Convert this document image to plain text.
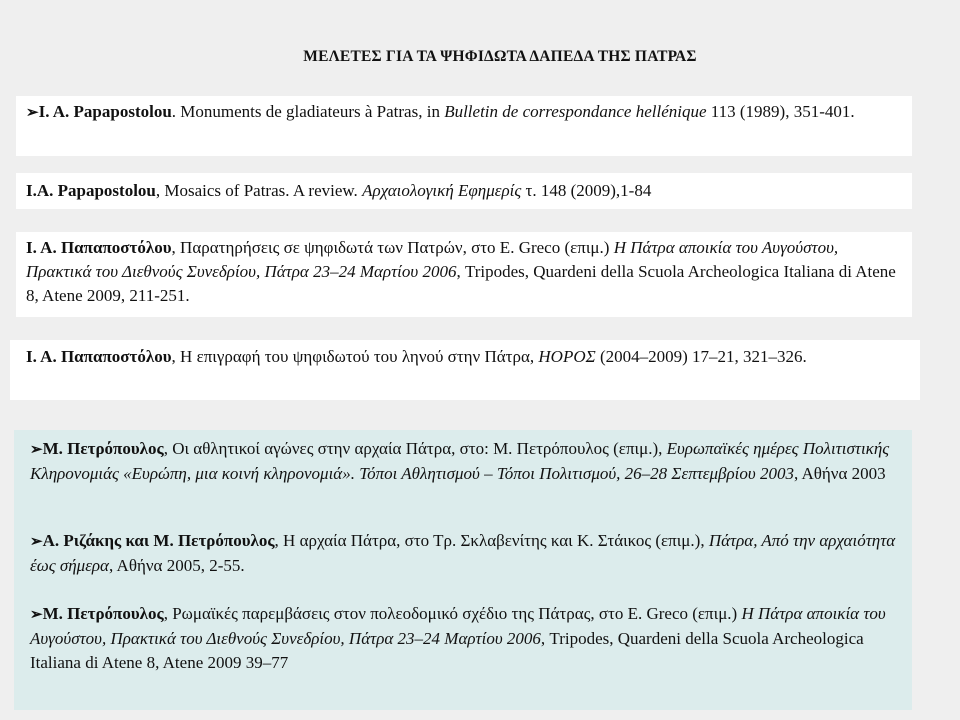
ΜΕΛΕΤΕΣ ΓΙΑ ΤΑ ΨΗΦΙΔΩΤΑ ΔΑΠΕΔΑ ΤΗΣ ΠΑΤΡΑΣ

➢I. A. Papapostolou. Monuments de gladiateurs à Patras, in Bulletin de correspondance hellénique 113 (1989), 351-401.

I.A. Papapostolou, Mosaics of Patras. A review. Αρχαιολογική Εφημερίς τ. 148 (2009),1-84

I. A. Παπαποστόλου, Παρατηρήσεις σε ψηφιδωτά των Πατρών, στο E. Greco (επιμ.) Η Πάτρα αποικία του Αυγούστου, Πρακτικά του Διεθνούς Συνεδρίου, Πάτρα 23–24 Μαρτίου 2006, Tripodes, Quardeni della Scuola Archeologica Italiana di Atene 8, Atene 2009, 211-251.

I. A. Παπαποστόλου, Η επιγραφή του ψηφιδωτού του ληνού στην Πάτρα, ΗΟΡΟΣ (2004–2009) 17–21, 321–326.

➢Μ. Πετρόπουλος, Οι αθλητικοί αγώνες στην αρχαία Πάτρα, στο: Μ. Πετρόπουλος (επιμ.), Ευρωπαϊκές ημέρες Πολιτιστικής Κληρονομιάς «Ευρώπη, μια κοινή κληρονομιά». Τόποι Αθλητισμού – Τόποι Πολιτισμού, 26–28 Σεπτεμβρίου 2003, Αθήνα 2003

➢Α. Ριζάκης και Μ. Πετρόπουλος, Η αρχαία Πάτρα, στο Τρ. Σκλαβενίτης και Κ. Στάικος (επιμ.), Πάτρα, Από την αρχαιότητα έως σήμερα, Αθήνα 2005, 2-55.

➢Μ. Πετρόπουλος, Ρωμαϊκές παρεμβάσεις στον πολεοδομικό σχέδιο της Πάτρας, στο E. Greco (επιμ.) Η Πάτρα αποικία του Αυγούστου, Πρακτικά του Διεθνούς Συνεδρίου, Πάτρα 23–24 Μαρτίου 2006, Tripodes, Quardeni della Scuola Archeologica Italiana di Atene 8, Atene 2009 39–77
